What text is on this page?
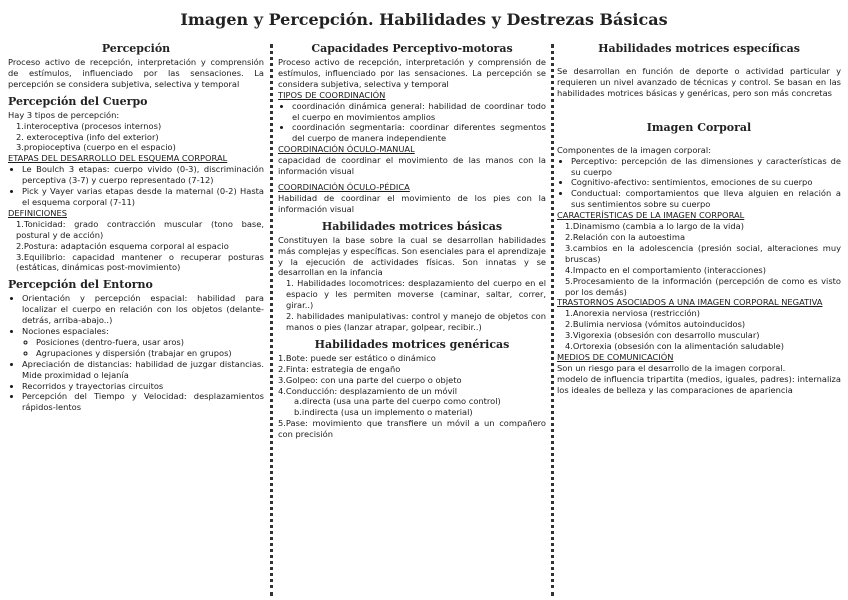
Imagen y Percepción. Habilidades y Destrezas Básicas
Percepción

Proceso activo de recepción, interpretación y comprensión de estímulos, influenciado por las sensaciones. La percepción se considera subjetiva, selectiva y temporal

Percepción del Cuerpo

Hay 3 tipos de percepción:

1.interoceptiva (procesos internos)

2. exteroceptiva (info del exterior)

3.propioceptiva (cuerpo en el espacio)

ETAPAS DEL DESARROLLO DEL ESQUEMA CORPORAL

• Le Boulch 3 etapas: cuerpo vivido (0-3), discriminación perceptiva (3-7) y cuerpo representado (7-12)
• Pick y Vayer varias etapas desde la maternal (0-2) Hasta el esquema corporal (7-11)

DEFINICIONES

1.Tonicidad: grado contracción muscular (tono base, postural y de acción)

2.Postura: adaptación esquema corporal al espacio

3.Equilibrio: capacidad mantener o recuperar posturas (estáticas, dinámicas post-movimiento)

Percepción del Entorno
• Orientación y percepción espacial: habilidad para localizar el cuerpo en relación con los objetos (delante-detrás, arriba-abajo..)
• Nociones espaciales:
◦ Posiciones (dentro-fuera, usar aros)
◦ Agrupaciones y dispersión (trabajar en grupos)
• Apreciación de distancias: habilidad de juzgar distancias. Mide proximidad o lejanía
• Recorridos y trayectorias circuitos
• Percepción del Tiempo y Velocidad: desplazamientos rápidos-lentos
Capacidades Perceptivo-motoras

Proceso activo de recepción, interpretación y comprensión de estímulos, influenciado por las sensaciones. La percepción se considera subjetiva, selectiva y temporal

TIPOS DE COORDINACIÓN

• coordinación dinámica general: habilidad de coordinar todo el cuerpo en movimientos amplios
• coordinación segmentaria: coordinar diferentes segmentos del cuerpo de manera independiente

COORDINACIÓN ÓCULO-MANUAL

capacidad de coordinar el movimiento de las manos con la información visual

COORDINACIÓN ÓCULO-PÉDICA

Habilidad de coordinar el movimiento de los pies con la información visual

Habilidades motrices básicas

Constituyen la base sobre la cual se desarrollan habilidades más complejas y específicas. Son esenciales para el aprendizaje y la ejecución de actividades físicas. Son innatas y se desarrollan en la infancia

1. Habilidades locomotrices: desplazamiento del cuerpo en el espacio y les permiten moverse (caminar, saltar, correr, girar..)

2. habilidades manipulativas: control y manejo de objetos con manos o pies (lanzar atrapar, golpear, recibir..)

Habilidades motrices genéricas

1.Bote: puede ser estático o dinámico

2.Finta: estrategia de engaño

3.Golpeo: con una parte del cuerpo o objeto

4.Conducción: desplazamiento de un móvil

a.directa (usa una parte del cuerpo como control)

b.indirecta (usa un implemento o material)

5.Pase: movimiento que transfiere un móvil a un compañero con precisión

Habilidades motrices específicas

Se desarrollan en función de deporte o actividad particular y requieren un nivel avanzado de técnicas y control. Se basan en las habilidades motrices básicas y genéricas, pero son más concretas

Imagen Corporal

Componentes de la imagen corporal:

• Perceptivo: percepción de las dimensiones y características de su cuerpo
• Cognitivo-afectivo: sentimientos, emociones de su cuerpo
• Conductual: comportamientos que lleva alguien en relación a sus sentimientos sobre su cuerpo

CARACTERÍSTICAS DE LA IMAGEN CORPORAL

1.Dinamismo (cambia a lo largo de la vida)

2.Relación con la autoestima

3.cambios en la adolescencia (presión social, alteraciones muy bruscas)

4.Impacto en el comportamiento (interacciones)

5.Procesamiento de la información (percepción de como es visto por los demás)

TRASTORNOS ASOCIADOS A UNA IMAGEN CORPORAL NEGATIVA

1.Anorexia nerviosa (restricción)

2.Bulimia nerviosa (vómitos autoinducidos)

3.Vigorexia (obsesión con desarrollo muscular)

4.Ortorexia (obsesión con la alimentación saludable)

MEDIOS DE COMUNICACIÓN

Son un riesgo para el desarrollo de la imagen corporal.

modelo de influencia tripartita (medios, iguales, padres): internaliza los ideales de belleza y las comparaciones de apariencia
